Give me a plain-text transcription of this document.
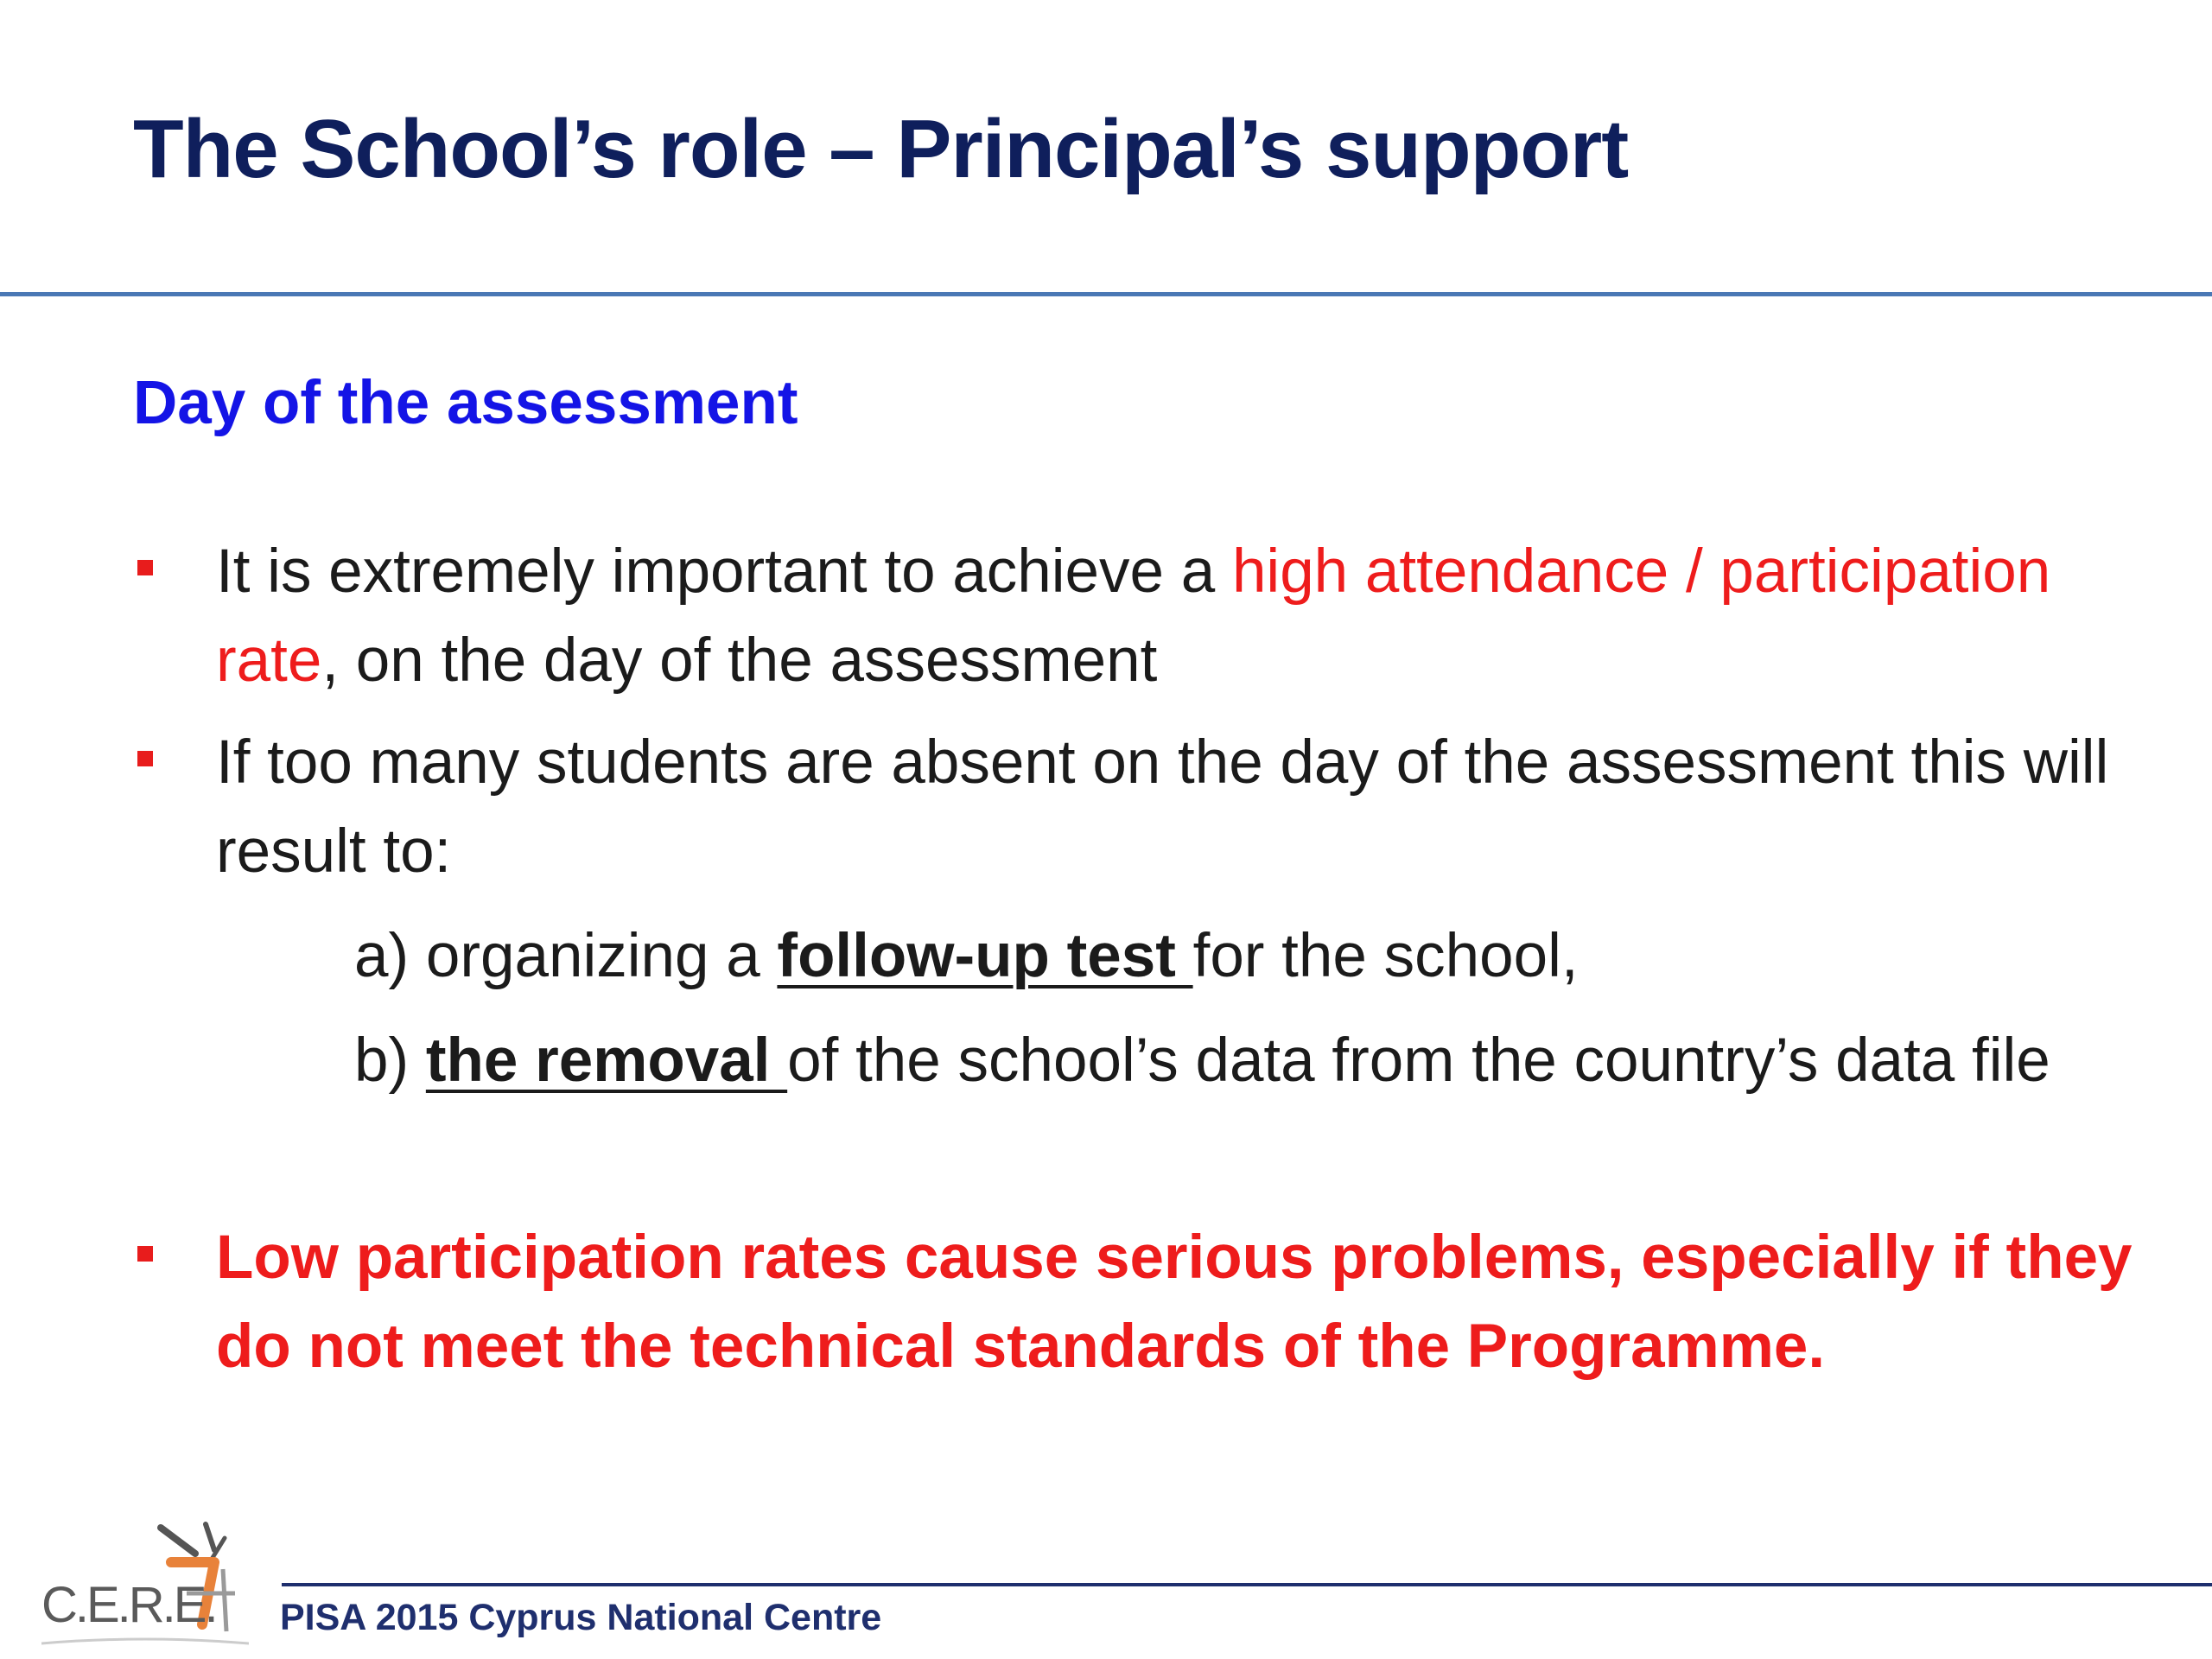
The School’s role – Principal’s support
Day of the assessment
It is extremely important to achieve a high attendance / participation rate, on the day of the assessment
If too many students are absent on the day of the assessment this will result to:
a) organizing a follow-up test for the school,
b) the removal of the school’s data from the country’s data file
Low participation rates cause serious problems, especially if they do not meet the technical standards of the Programme.
C.E.R.E. PISA 2015 Cyprus National Centre
